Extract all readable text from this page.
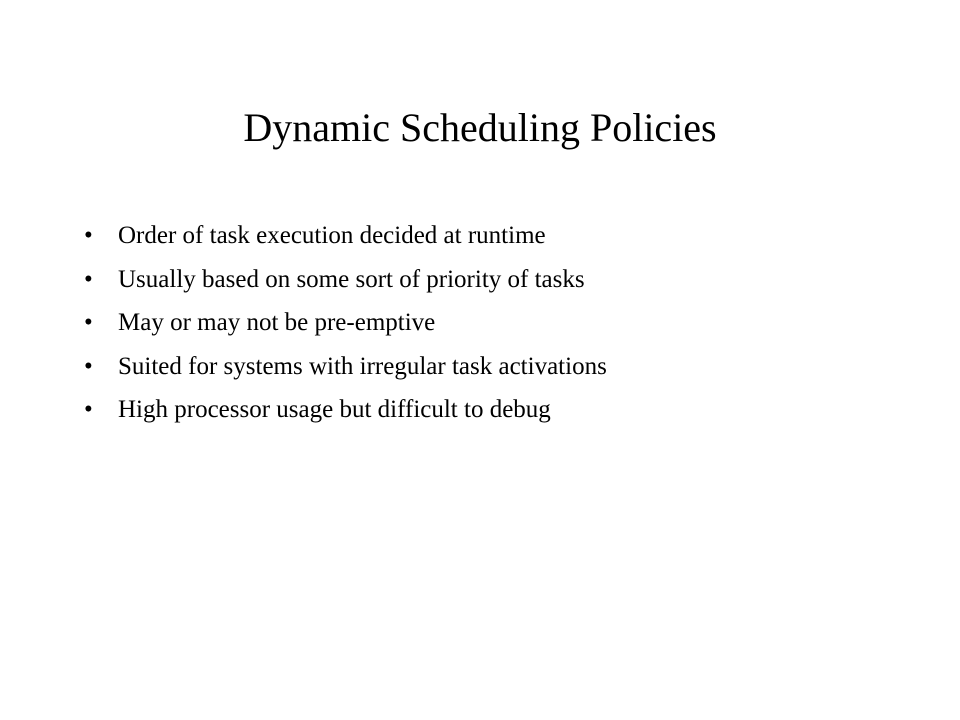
Dynamic Scheduling Policies
•	Order of task execution decided at runtime
•	Usually based on some sort of priority of tasks
•	May or may not be pre-emptive
•	Suited for systems with irregular task activations
•	High processor usage but difficult to debug
